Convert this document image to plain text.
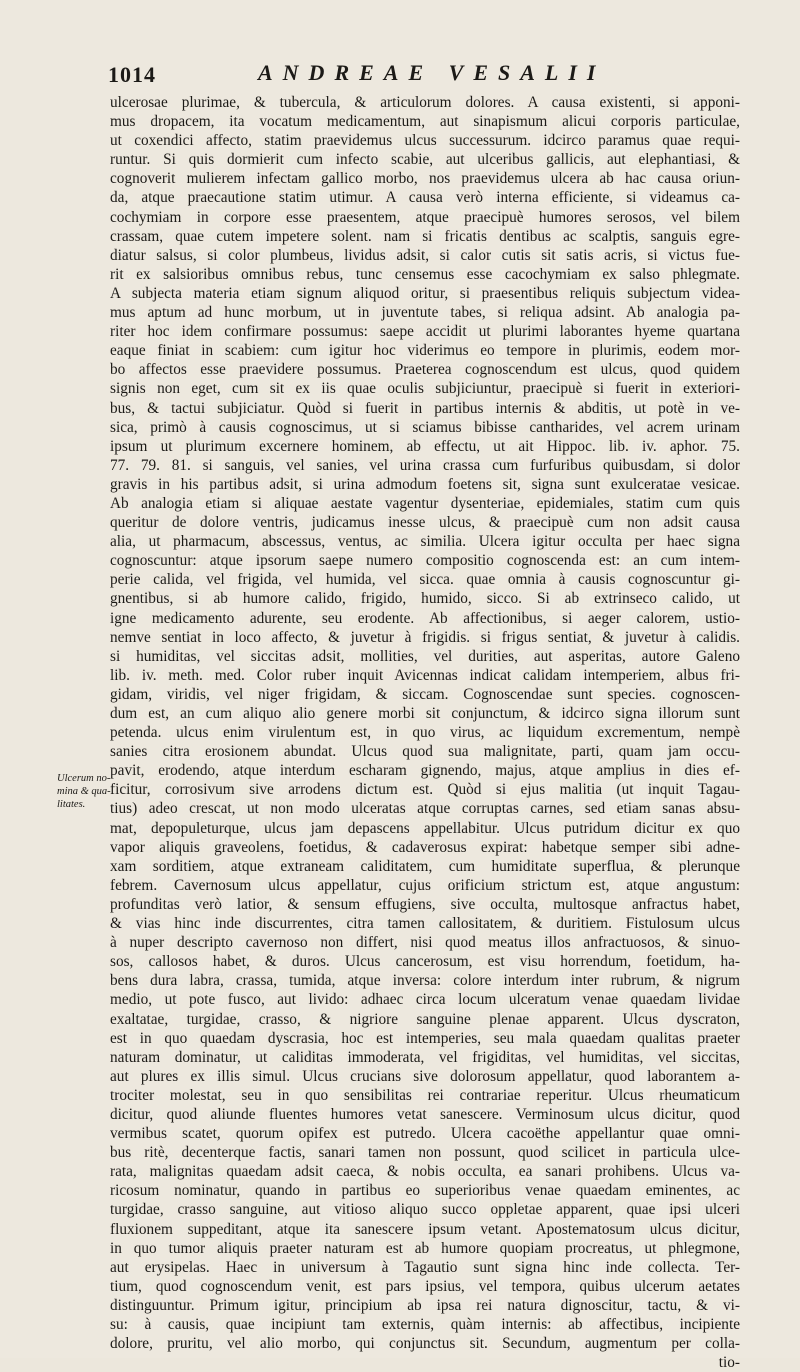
1014	ANDREAE VESALII
Ulcerum no-
mina & qua-
litates.
ulcerosae plurimae, & tubercula, & articulorum dolores. A causa existenti, si apponi-
mus dropacem, ita vocatum medicamentum, aut sinapismum alicui corporis particulae,
ut coxendici affecto, statim praevidemus ulcus successurum. idcirco paramus quae requi-
runtur. Si quis dormierit cum infecto scabie, aut ulceribus gallicis, aut elephantiasi, &
cognoverit mulierem infectam gallico morbo, nos praevidemus ulcera ab hac causa oriun-
da, atque praecautione statim utimur. A causa verò interna efficiente, si videamus ca-
cochymiam in corpore esse praesentem, atque praecipuè humores serosos, vel bilem
crassam, quae cutem impetere solent. nam si fricatis dentibus ac scalptis, sanguis egre-
diatur salsus, si color plumbeus, lividus adsit, si calor cutis sit satis acris, si victus fue-
rit ex salsioribus omnibus rebus, tunc censemus esse cacochymiam ex salso phlegmate.
A subjecta materia etiam signum aliquod oritur, si praesentibus reliquis subjectum videa-
mus aptum ad hunc morbum, ut in juventute tabes, si reliqua adsint. Ab analogia pa-
riter hoc idem confirmare possumus: saepe accidit ut plurimi laborantes hyeme quartana
eaque finiat in scabiem: cum igitur hoc viderimus eo tempore in plurimis, eodem mor-
bo affectos esse praevidere possumus. Praeterea cognoscendum est ulcus, quod quidem
signis non eget, cum sit ex iis quae oculis subjiciuntur, praecipuè si fuerit in exteriori-
bus, & tactui subjiciatur. Quòd si fuerit in partibus internis & abditis, ut potè in ve-
sica, primò à causis cognoscimus, ut si sciamus bibisse cantharides, vel acrem urinam
ipsum ut plurimum excernere hominem, ab effectu, ut ait Hippoc. lib. iv. aphor. 75.
77. 79. 81. si sanguis, vel sanies, vel urina crassa cum furfuribus quibusdam, si dolor
gravis in his partibus adsit, si urina admodum foetens sit, signa sunt exulceratae vesicae.
Ab analogia etiam si aliquae aestate vagentur dysenteriae, epidemiales, statim cum quis
queritur de dolore ventris, judicamus inesse ulcus, & praecipuè cum non adsit causa
alia, ut pharmacum, abscessus, ventus, ac similia. Ulcera igitur occulta per haec signa
cognoscuntur: atque ipsorum saepe numero compositio cognoscenda est: an cum intem-
perie calida, vel frigida, vel humida, vel sicca. quae omnia à causis cognoscuntur gi-
gnentibus, si ab humore calido, frigido, humido, sicco. Si ab extrinseco calido, ut
igne medicamento adurente, seu erodente. Ab affectionibus, si aeger calorem, ustio-
nemve sentiat in loco affecto, & juvetur à frigidis. si frigus sentiat, & juvetur à calidis.
si humiditas, vel siccitas adsit, mollities, vel durities, aut asperitas, autore Galeno
lib. iv. meth. med. Color ruber inquit Avicennas indicat calidam intemperiem, albus fri-
gidam, viridis, vel niger frigidam, & siccam. Cognoscendae sunt species. cognoscen-
dum est, an cum aliquo alio genere morbi sit conjunctum, & idcirco signa illorum sunt
petenda. ulcus enim virulentum est, in quo virus, ac liquidum excrementum, nempè
sanies citra erosionem abundat. Ulcus quod sua malignitate, parti, quam jam occu-
pavit, erodendo, atque interdum escharam gignendo, majus, atque amplius in dies ef-
ficitur, corrosivum sive arrodens dictum est. Quòd si ejus malitia (ut inquit Tagau-
tius) adeo crescat, ut non modo ulceratas atque corruptas carnes, sed etiam sanas absu-
mat, depopuleturque, ulcus jam depascens appellabitur. Ulcus putridum dicitur ex quo
vapor aliquis graveolens, foetidus, & cadaverosus expirat: habetque semper sibi adne-
xam sorditiem, atque extraneam caliditatem, cum humiditate superflua, & plerunque
febrem. Cavernosum ulcus appellatur, cujus orificium strictum est, atque angustum:
profunditas verò latior, & sensum effugiens, sive occulta, multosque anfractus habet,
& vias hinc inde discurrentes, citra tamen callositatem, & duritiem. Fistulosum ulcus
à nuper descripto cavernoso non differt, nisi quod meatus illos anfractuosos, & sinuo-
sos, callosos habet, & duros. Ulcus cancerosum, est visu horrendum, foetidum, ha-
bens dura labra, crassa, tumida, atque inversa: colore interdum inter rubrum, & nigrum
medio, ut pote fusco, aut livido: adhaec circa locum ulceratum venae quaedam lividae
exaltatae, turgidae, crasso, & nigriore sanguine plenae apparent. Ulcus dyscraton,
est in quo quaedam dyscrasia, hoc est intemperies, seu mala quaedam qualitas praeter
naturam dominatur, ut caliditas immoderata, vel frigiditas, vel humiditas, vel siccitas,
aut plures ex illis simul. Ulcus crucians sive dolorosum appellatur, quod laborantem a-
trociter molestat, seu in quo sensibilitas rei contrariae reperitur. Ulcus rheumaticum
dicitur, quod aliunde fluentes humores vetat sanescere. Verminosum ulcus dicitur, quod
vermibus scatet, quorum opifex est putredo. Ulcera cacoëthe appellantur quae omni-
bus ritè, decenterque factis, sanari tamen non possunt, quod scilicet in particula ulce-
rata, malignitas quaedam adsit caeca, & nobis occulta, ea sanari prohibens. Ulcus va-
ricosum nominatur, quando in partibus eo superioribus venae quaedam eminentes, ac
turgidae, crasso sanguine, aut vitioso aliquo succo oppletae apparent, quae ipsi ulceri
fluxionem suppeditant, atque ita sanescere ipsum vetant. Apostematosum ulcus dicitur,
in quo tumor aliquis praeter naturam est ab humore quopiam procreatus, ut phlegmone,
aut erysipelas. Haec in universum à Tagautio sunt signa hinc inde collecta. Ter-
tium, quod cognoscendum venit, est pars ipsius, vel tempora, quibus ulcerum aetates
distinguuntur. Primum igitur, principium ab ipsa rei natura dignoscitur, tactu, & vi-
su: à causis, quae incipiunt tam externis, quàm internis: ab affectibus, incipiente
dolore, pruritu, vel alio morbo, qui conjunctus sit. Secundum, augmentum per colla-
tio-
